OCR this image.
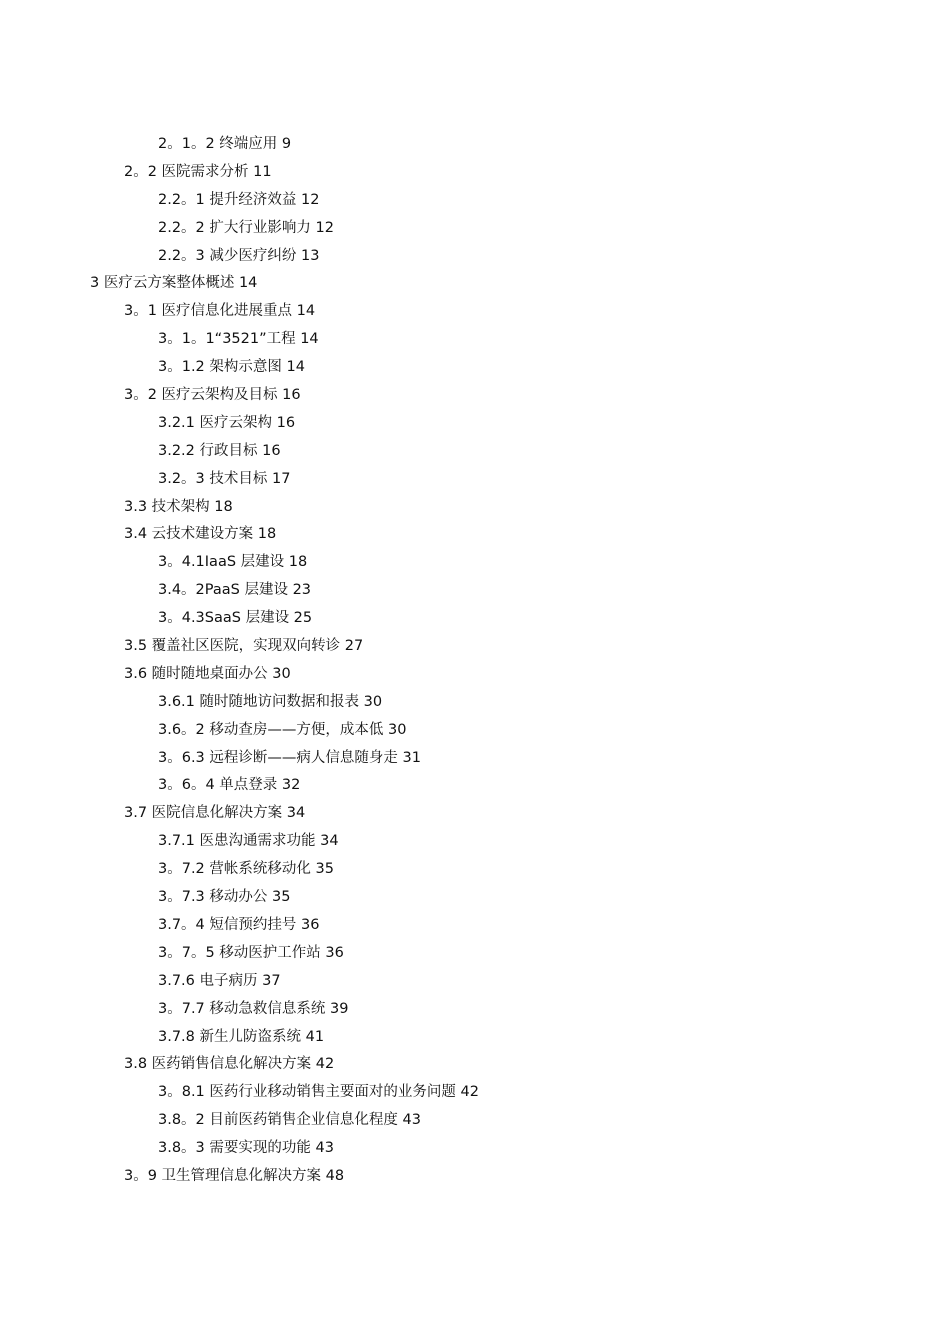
2。1。2 终端应用 9
2。2 医院需求分析 11
2.2。1 提升经济效益 12
2.2。2 扩大行业影响力 12
2.2。3 减少医疗纠纷 13
3 医疗云方案整体概述 14
3。1 医疗信息化进展重点 14
3。1。1“3521”工程 14
3。1.2 架构示意图 14
3。2 医疗云架构及目标 16
3.2.1 医疗云架构 16
3.2.2 行政目标 16
3.2。3 技术目标 17
3.3 技术架构 18
3.4 云技术建设方案 18
3。4.1IaaS 层建设 18
3.4。2PaaS 层建设 23
3。4.3SaaS 层建设 25
3.5 覆盖社区医院，实现双向转诊 27
3.6 随时随地桌面办公 30
3.6.1 随时随地访问数据和报表 30
3.6。2 移动查房——方便，成本低 30
3。6.3 远程诊断——病人信息随身走 31
3。6。4 单点登录 32
3.7 医院信息化解决方案 34
3.7.1 医患沟通需求功能 34
3。7.2 营帐系统移动化 35
3。7.3 移动办公 35
3.7。4 短信预约挂号 36
3。7。5 移动医护工作站 36
3.7.6 电子病历 37
3。7.7 移动急救信息系统 39
3.7.8 新生儿防盗系统 41
3.8 医药销售信息化解决方案 42
3。8.1 医药行业移动销售主要面对的业务问题 42
3.8。2 目前医药销售企业信息化程度 43
3.8。3 需要实现的功能 43
3。9 卫生管理信息化解决方案 48
